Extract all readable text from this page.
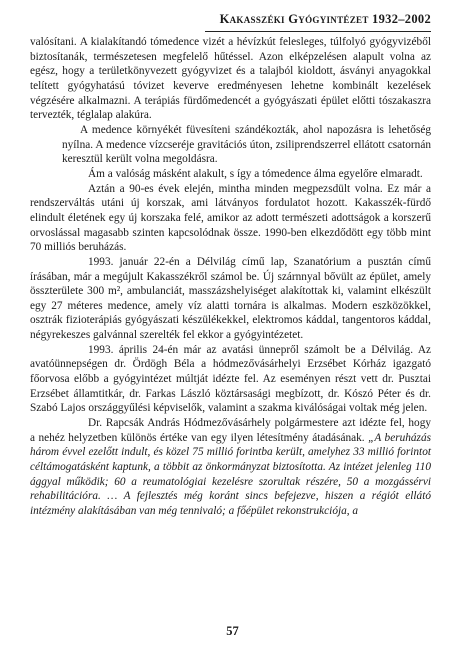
Kakasszéki Gyógyintézet 1932–2002

valósítani. A kialakítandó tómedence vizét a hévízkút felesleges, túlfolyó gyógyvizéből biztosítanák, természetesen megfelelő hűtéssel. Azon elképzelésen alapult volna az egész, hogy a területkönyvezett gyógyvizet és a talajból kioldott, ásványi anyagokkal telített gyógyhatású tóvizet keverve eredményesen lehetne kombinált kezelések végzésére alkalmazni. A terápiás fürdőmedencét a gyógyászati épület előtti tószakaszra tervezték, téglalap alakúra.

A medence környékét füvesíteni szándékozták, ahol napozásra is lehetőség nyílna. A medence vízcseréje gravitációs úton, zsiliprendszerrel ellátott csatornán keresztül került volna megoldásra.

Ám a valóság másként alakult, s így a tómedence álma egyelőre elmaradt.

Aztán a 90-es évek elején, mintha minden megpezsdült volna. Ez már a rendszerváltás utáni új korszak, ami látványos fordulatot hozott. Kakasszék-fürdő elindult életének egy új korszaka felé, amikor az adott természeti adottságok a korszerű orvoslással magasabb szinten kapcsolódnak össze. 1990-ben elkezdődött egy több mint 70 milliós beruházás.

1993. január 22-én a Délvilág című lap, Szanatórium a pusztán című írásában, már a megújult Kakasszékről számol be. Új szárnnyal bővült az épület, amely összterülete 300 m², ambulanciát, masszázshelyiséget alakítottak ki, valamint elkészült egy 27 méteres medence, amely víz alatti tornára is alkalmas. Modern eszközökkel, osztrák fizioterápiás gyógyászati készülékekkel, elektromos káddal, tangentoros káddal, négyrekeszes galvánnal szerelték fel ekkor a gyógyintézetet.

1993. április 24-én már az avatási ünnepről számolt be a Délvilág. Az avatóünnepségen dr. Ördögh Béla a hódmezővásárhelyi Erzsébet Kórház igazgató főorvosa előbb a gyógyintézet múltját idézte fel. Az eseményen részt vett dr. Pusztai Erzsébet államtitkár, dr. Farkas László köztársasági megbízott, dr. Kószó Péter és dr. Szabó Lajos országgyűlési képviselők, valamint a szakma kiválóságai voltak még jelen.

Dr. Rapcsák András Hódmezővásárhely polgármestere azt idézte fel, hogy a nehéz helyzetben különös értéke van egy ilyen létesítmény átadásának. „A beruházás három évvel ezelőtt indult, és közel 75 millió forintba került, amelyhez 33 millió forintot céltámogatásként kaptunk, a többit az önkormányzat biztosította. Az intézet jelenleg 110 ággyal működik; 60 a reumatológiai kezelésre szorultak részére, 50 a mozgássérvi rehabilitációra. … A fejlesztés még koránt sincs befejezve, hiszen a régiót ellátó intézmény alakításában van még tennivaló; a főépület rekonstrukciója, a

57
